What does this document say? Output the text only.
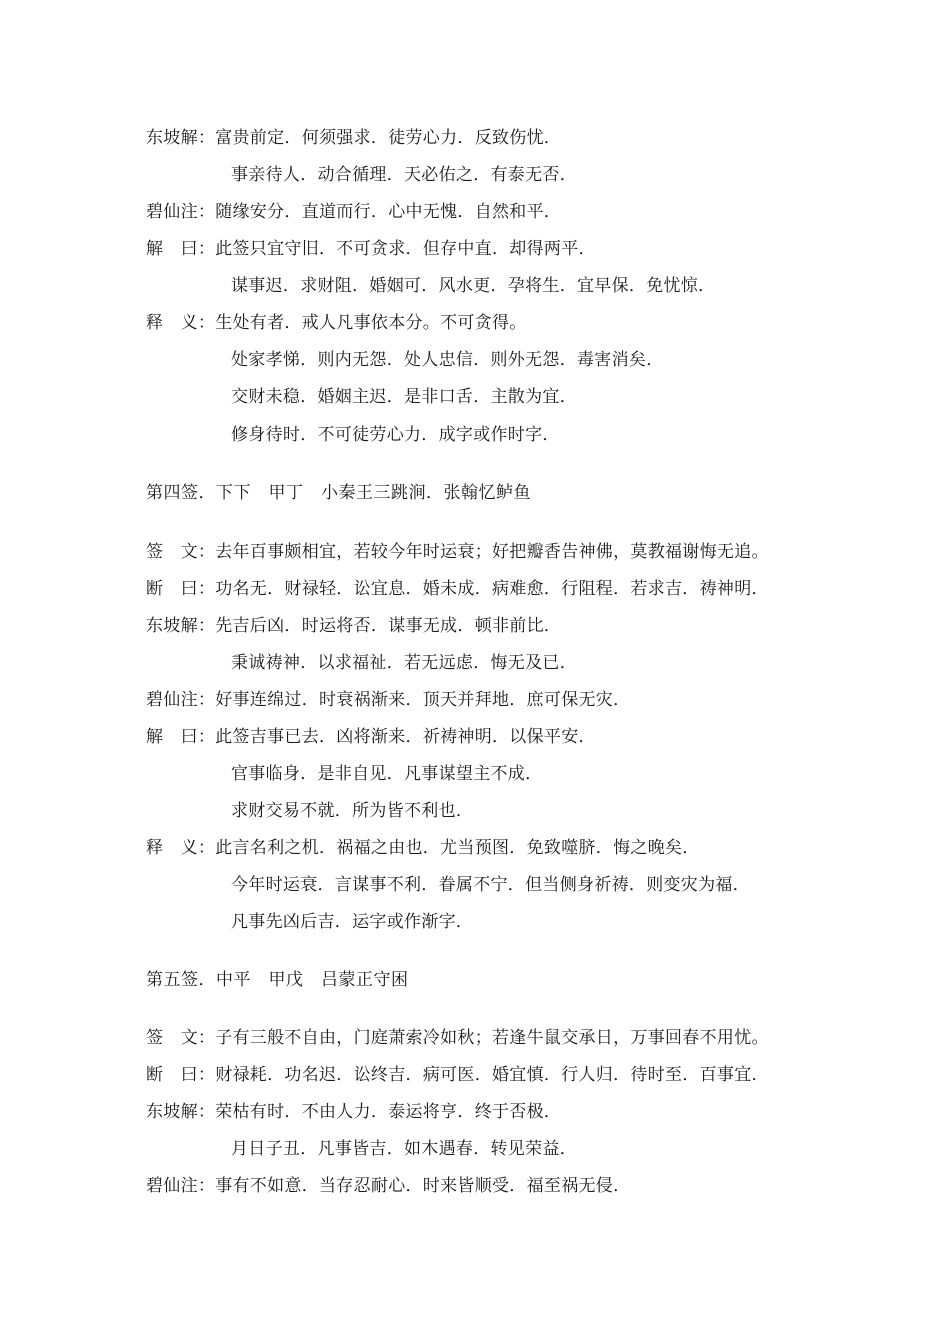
东坡解：富贵前定．何须强求．徒劳心力．反致伤忧．
事亲待人．动合循理．天必佑之．有泰无否．
碧仙注：随缘安分．直道而行．心中无愧．自然和平．
解　曰：此签只宜守旧．不可贪求．但存中直．却得两平．
谋事迟．求财阻．婚姻可．风水更．孕将生．宜早保．免忧惊．
释　义：生处有者．戒人凡事依本分。不可贪得。
处家孝悌．则内无怨．处人忠信．则外无怨．毒害消矣．
交财未稳．婚姻主迟．是非口舌．主散为宜．
修身待时．不可徒劳心力．成字或作时字．
第四签．下下　甲丁　小秦王三跳涧．张翰忆鲈鱼
签　文：去年百事颇相宜，若较今年时运衰；好把瓣香告神佛，莫教福谢悔无追。
断　曰：功名无．财禄轻．讼宜息．婚未成．病难愈．行阻程．若求吉．祷神明．
东坡解：先吉后凶．时运将否．谋事无成．顿非前比．
秉诚祷神．以求福祉．若无远虑．悔无及已．
碧仙注：好事连绵过．时衰祸渐来．顶天并拜地．庶可保无灾．
解　曰：此签吉事已去．凶将渐来．祈祷神明．以保平安．
官事临身．是非自见．凡事谋望主不成．
求财交易不就．所为皆不利也．
释　义：此言名利之机．祸福之由也．尤当预图．免致噬脐．悔之晚矣．
今年时运衰．言谋事不利．眷属不宁．但当侧身祈祷．则变灾为福．
凡事先凶后吉．运字或作渐字．
第五签．中平　甲戊　吕蒙正守困
签　文：子有三般不自由，门庭萧索冷如秋；若逢牛鼠交承日，万事回春不用忧。
断　曰：财禄耗．功名迟．讼终吉．病可医．婚宜慎．行人归．待时至．百事宜．
东坡解：荣枯有时．不由人力．泰运将亨．终于否极．
月日子丑．凡事皆吉．如木遇春．转见荣益．
碧仙注：事有不如意．当存忍耐心．时来皆顺受．福至祸无侵．
